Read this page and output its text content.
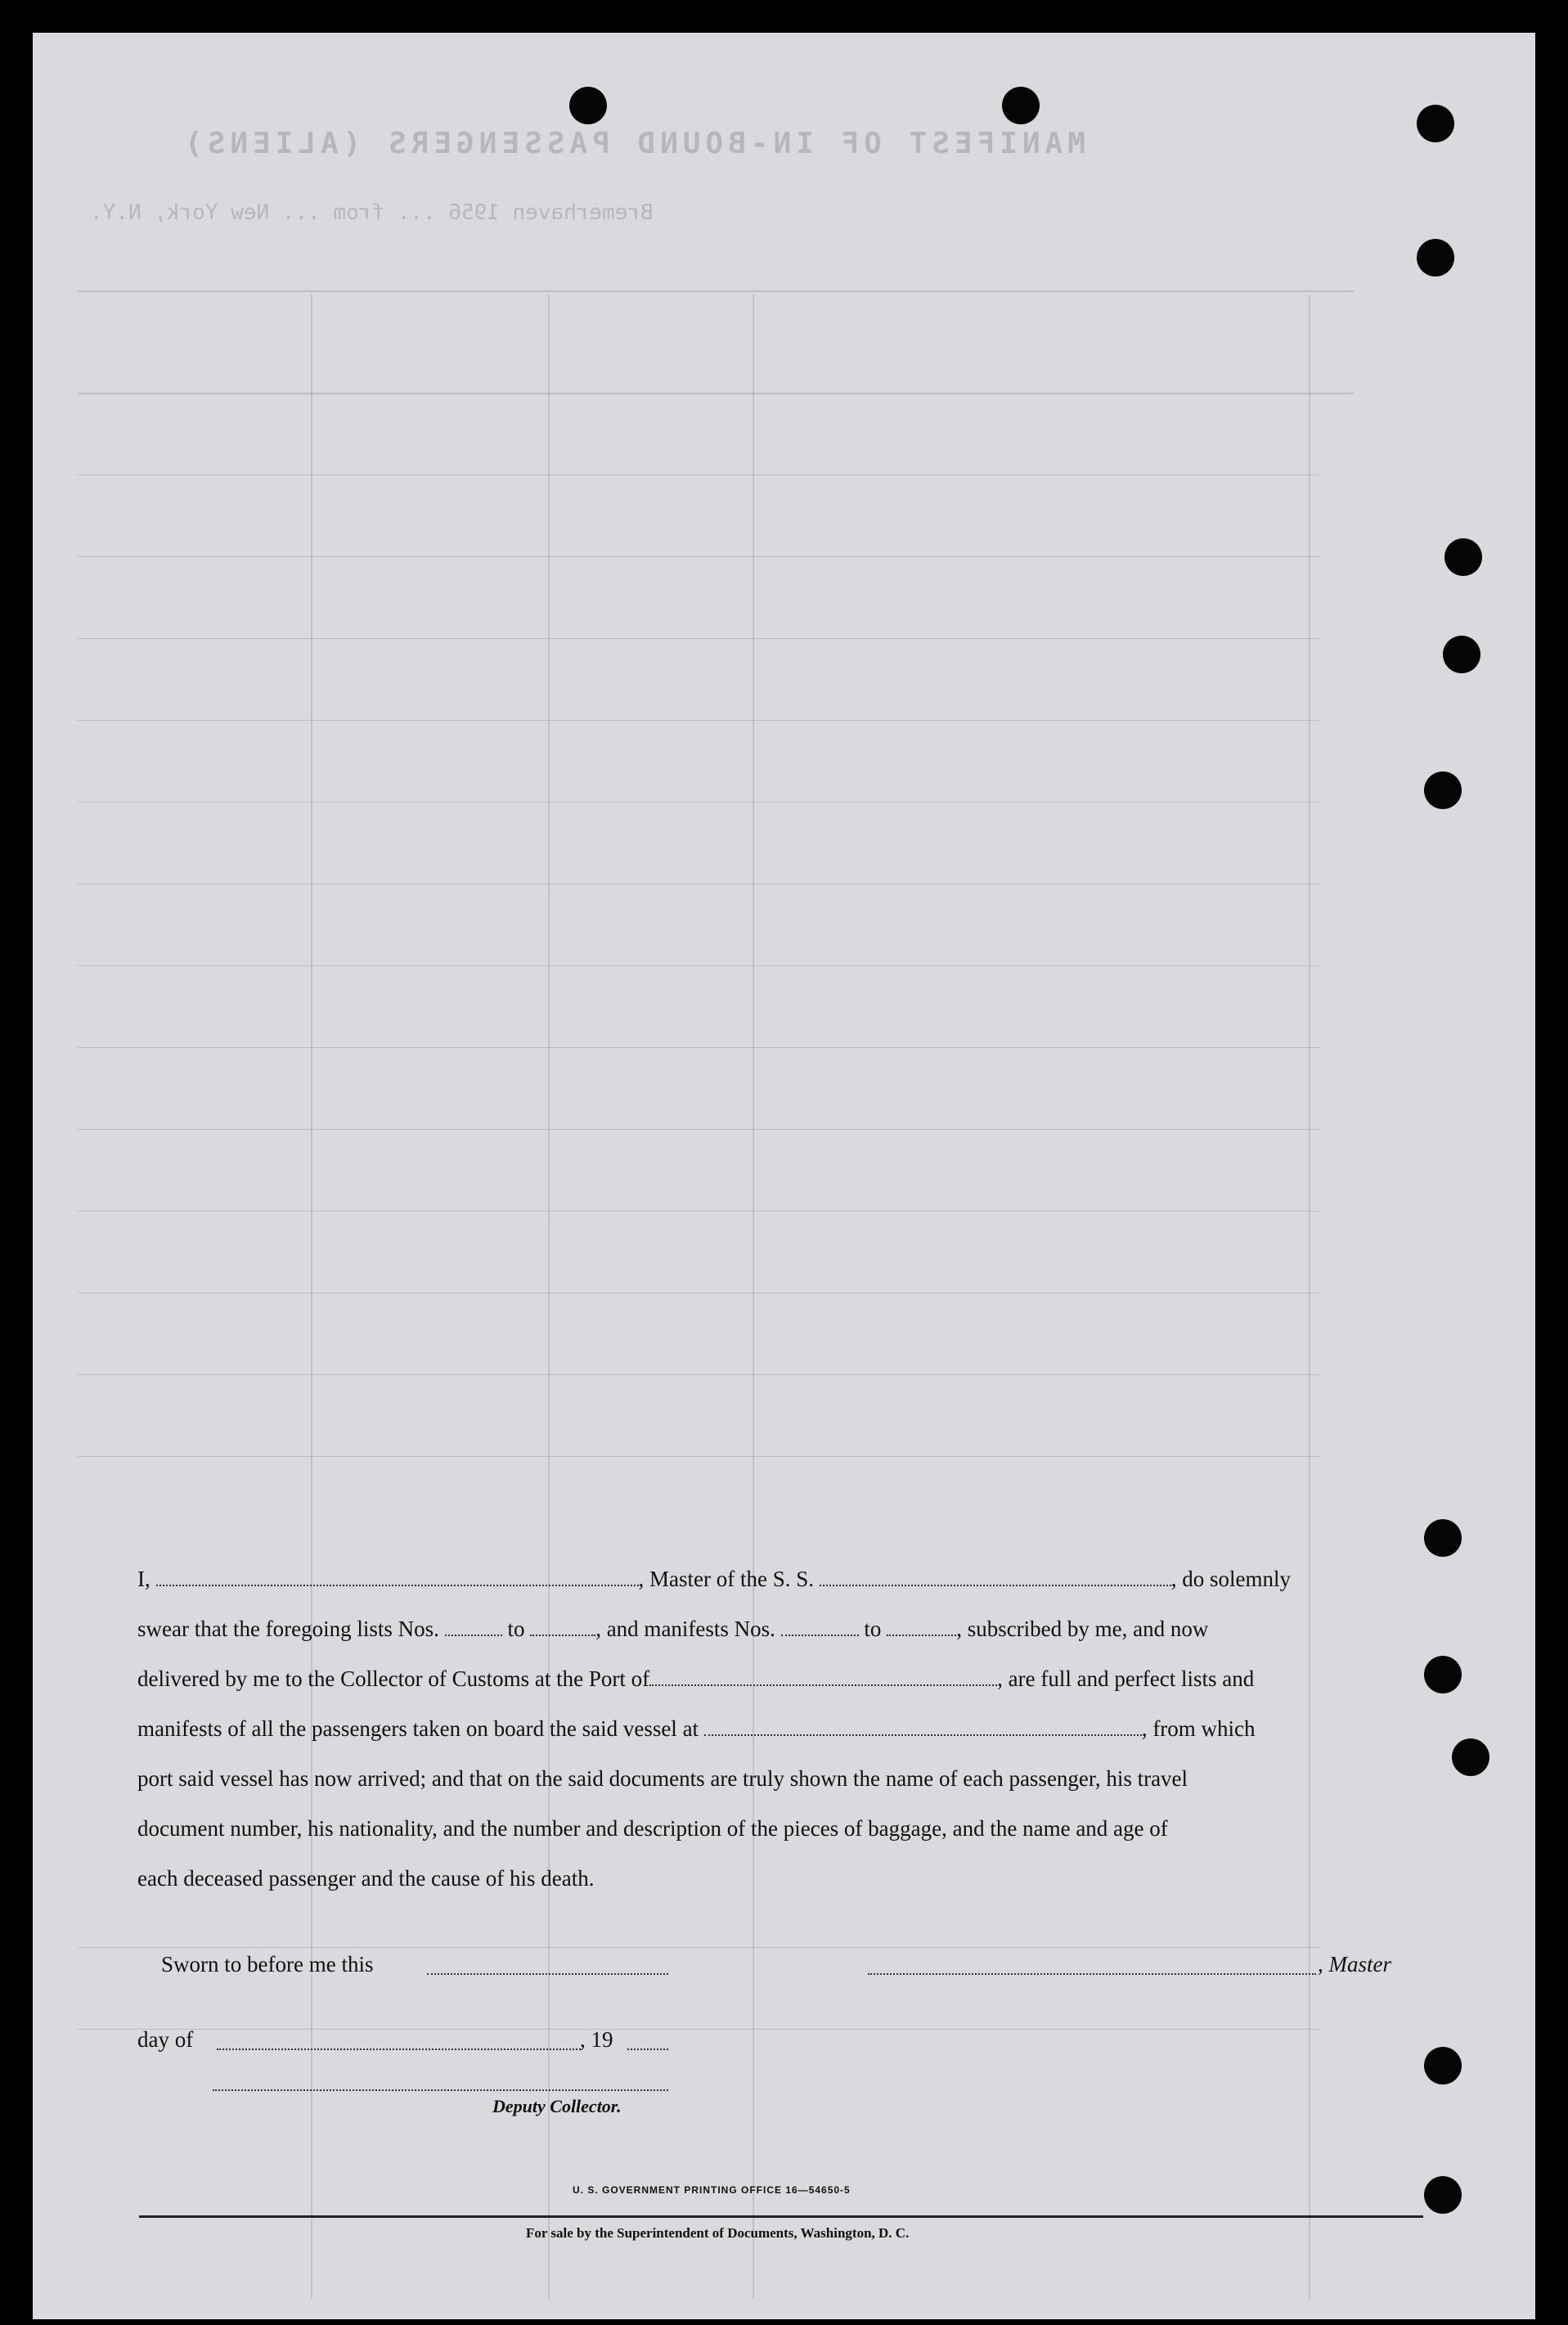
MANIFEST OF IN-BOUND PASSENGERS (ALIENS)
Bremerhaven 1956 ... from ... New York, N.Y.

I,	, Master of the S. S.	, do solemnly

swear that the foregoing lists Nos.	to	, and manifests Nos.	to	, subscribed by me, and now

delivered by me to the Collector of Customs at the Port of	, are full and perfect lists and

manifests of all the passengers taken on board the said vessel at	, from which

port said vessel has now arrived; and that on the said documents are truly shown the name of each passenger, his travel

document number, his nationality, and the number and description of the pieces of baggage, and the name and age of

each deceased passenger and the cause of his death.

Sworn to before me this	, Master
day of	, 19
Deputy Collector.
U. S. GOVERNMENT PRINTING OFFICE 16—54650-5
For sale by the Superintendent of Documents, Washington, D. C.
